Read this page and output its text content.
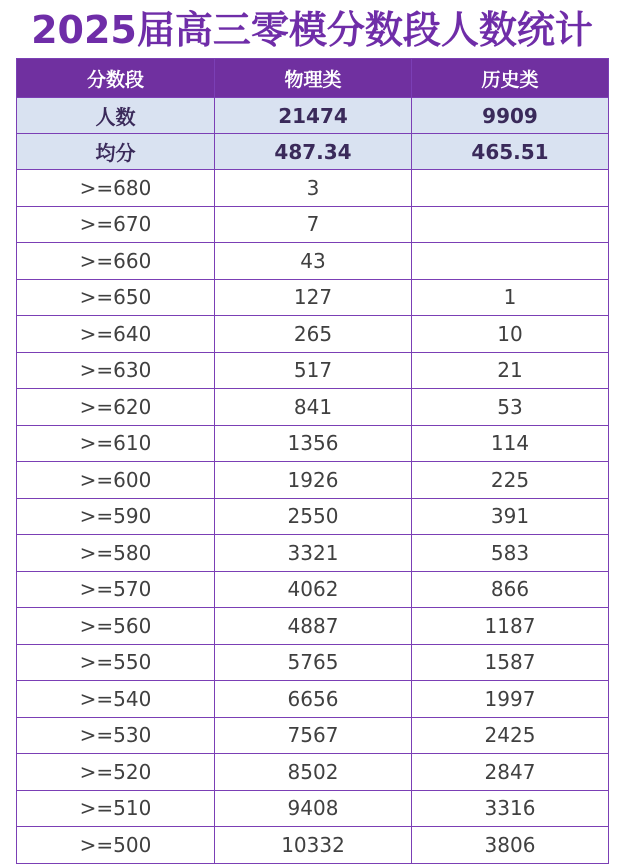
2025届高三零模分数段人数统计
分数段	物理类	历史类
人数	21474	9909
均分	487.34	465.51
>=680	3	
>=670	7	
>=660	43	
>=650	127	1
>=640	265	10
>=630	517	21
>=620	841	53
>=610	1356	114
>=600	1926	225
>=590	2550	391
>=580	3321	583
>=570	4062	866
>=560	4887	1187
>=550	5765	1587
>=540	6656	1997
>=530	7567	2425
>=520	8502	2847
>=510	9408	3316
>=500	10332	3806
